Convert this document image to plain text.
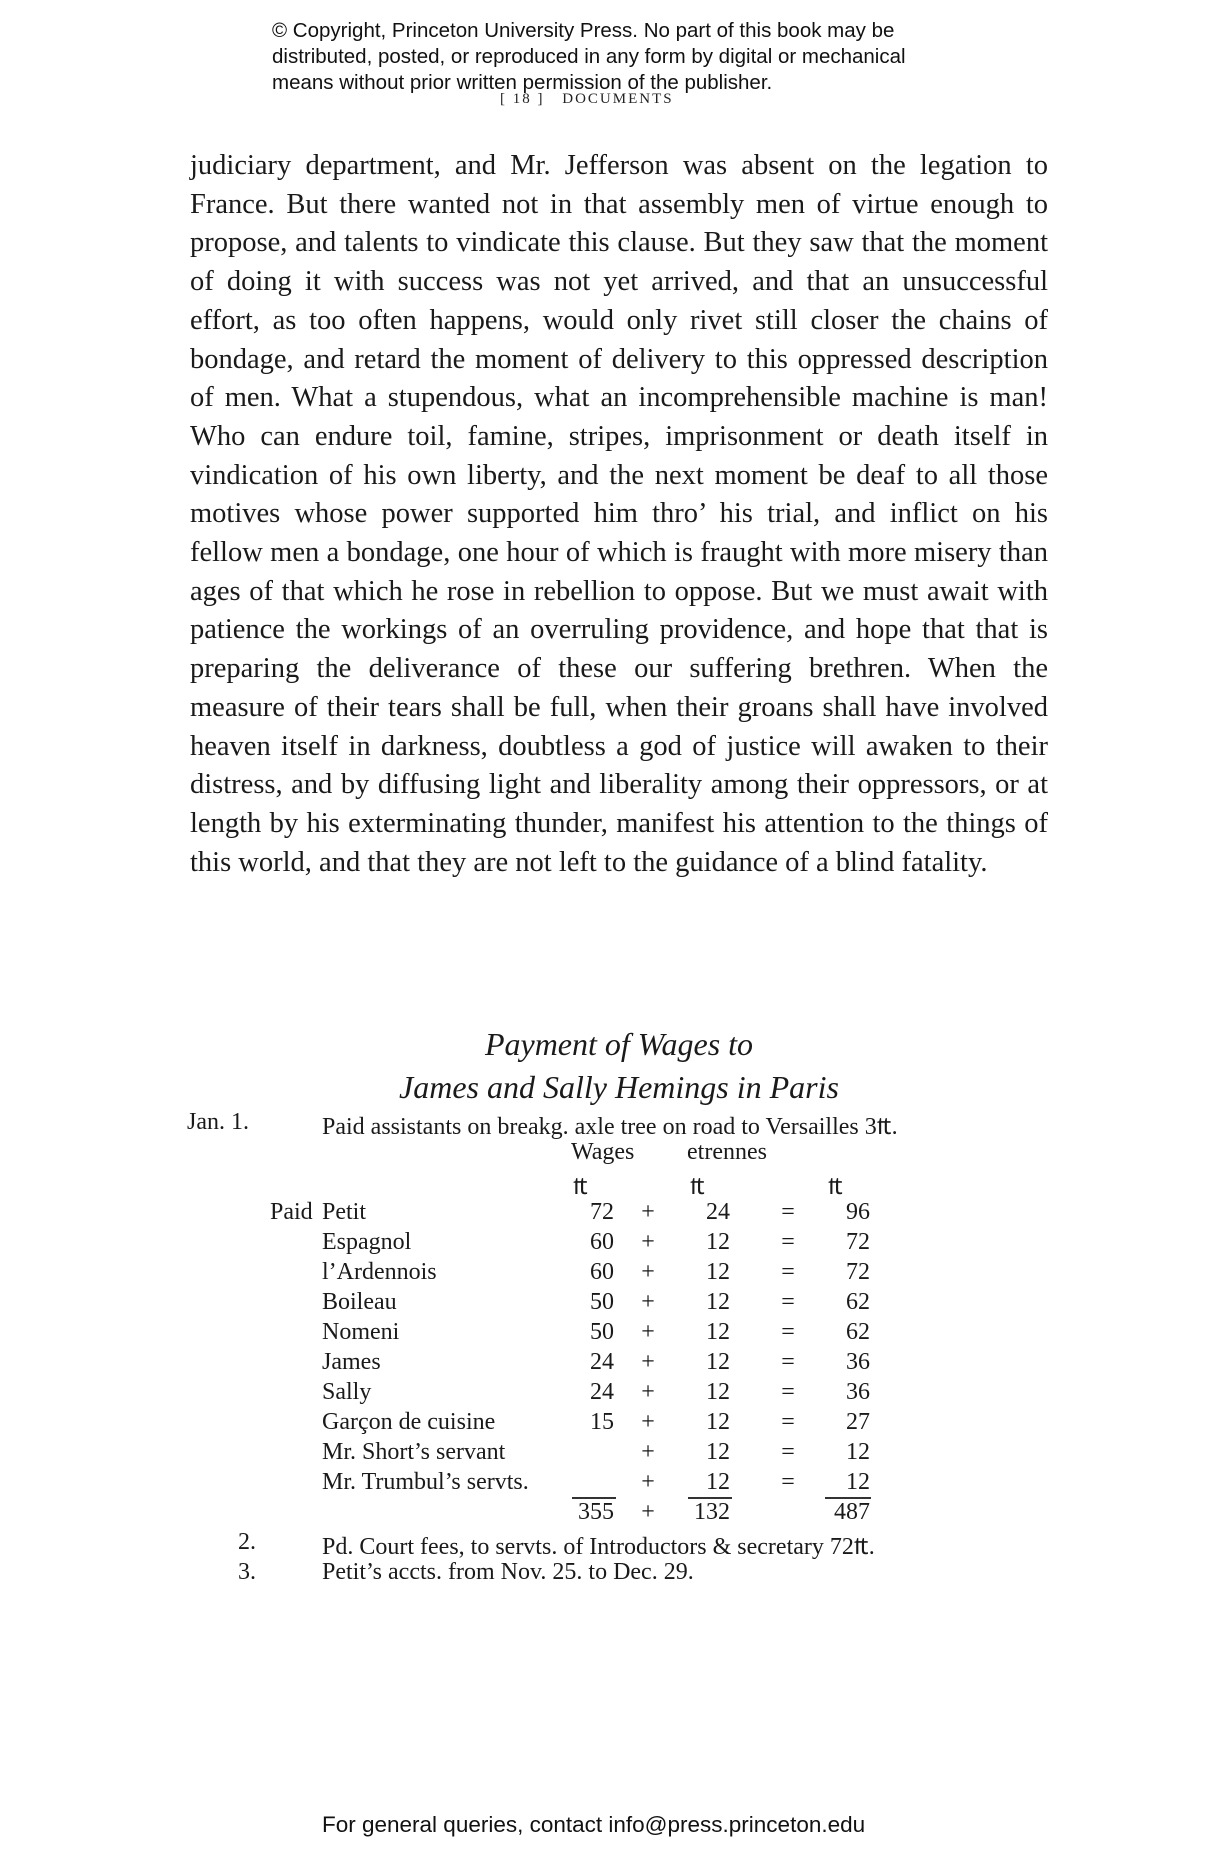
© Copyright, Princeton University Press. No part of this book may be
distributed, posted, or reproduced in any form by digital or mechanical
means without prior written permission of the publisher.
[ 18 ] DOCUMENTS

judiciary department, and Mr. Jefferson was absent on the legation to France. But there wanted not in that assembly men of virtue enough to propose, and talents to vindicate this clause. But they saw that the moment of doing it with success was not yet arrived, and that an unsuccessful effort, as too often happens, would only rivet still closer the chains of bondage, and retard the moment of delivery to this oppressed description of men. What a stupendous, what an incomprehensible machine is man! Who can endure toil, famine, stripes, imprisonment or death itself in vindication of his own liberty, and the next moment be deaf to all those motives whose power supported him thro’ his trial, and inflict on his fellow men a bondage, one hour of which is fraught with more misery than ages of that which he rose in rebellion to oppose. But we must await with patience the workings of an overruling providence, and hope that that is preparing the deliverance of these our suffering brethren. When the measure of their tears shall be full, when their groans shall have involved heaven itself in darkness, doubtless a god of justice will awaken to their distress, and by diffusing light and liberality among their oppressors, or at length by his exterminating thunder, manifest his attention to the things of this world, and that they are not left to the guidance of a blind fatality.

Payment of Wages to
James and Sally Hemings in Paris
Jan. 1.	Paid assistants on breakg. axle tree on road to Versailles 3₶.
Wages etrennes
₶	₶	₶
Paid Petit	72 +	24 =	96
Espagnol	60 +	12 =	72
l’Ardennois	60 +	12 =	72
Boileau	50 +	12 =	62
Nomeni	50 +	12 =	62
James	24 +	12 =	36
Sally	24 +	12 =	36
Garçon de cuisine	15 +	12 =	27
Mr. Short’s servant	+	12 =	12
Mr. Trumbul’s servts.	+	12 =	12
355 +	132	487
2.	Pd. Court fees, to servts. of Introductors & secretary 72₶.
3.	Petit’s accts. from Nov. 25. to Dec. 29.
For general queries, contact info@press.princeton.edu
